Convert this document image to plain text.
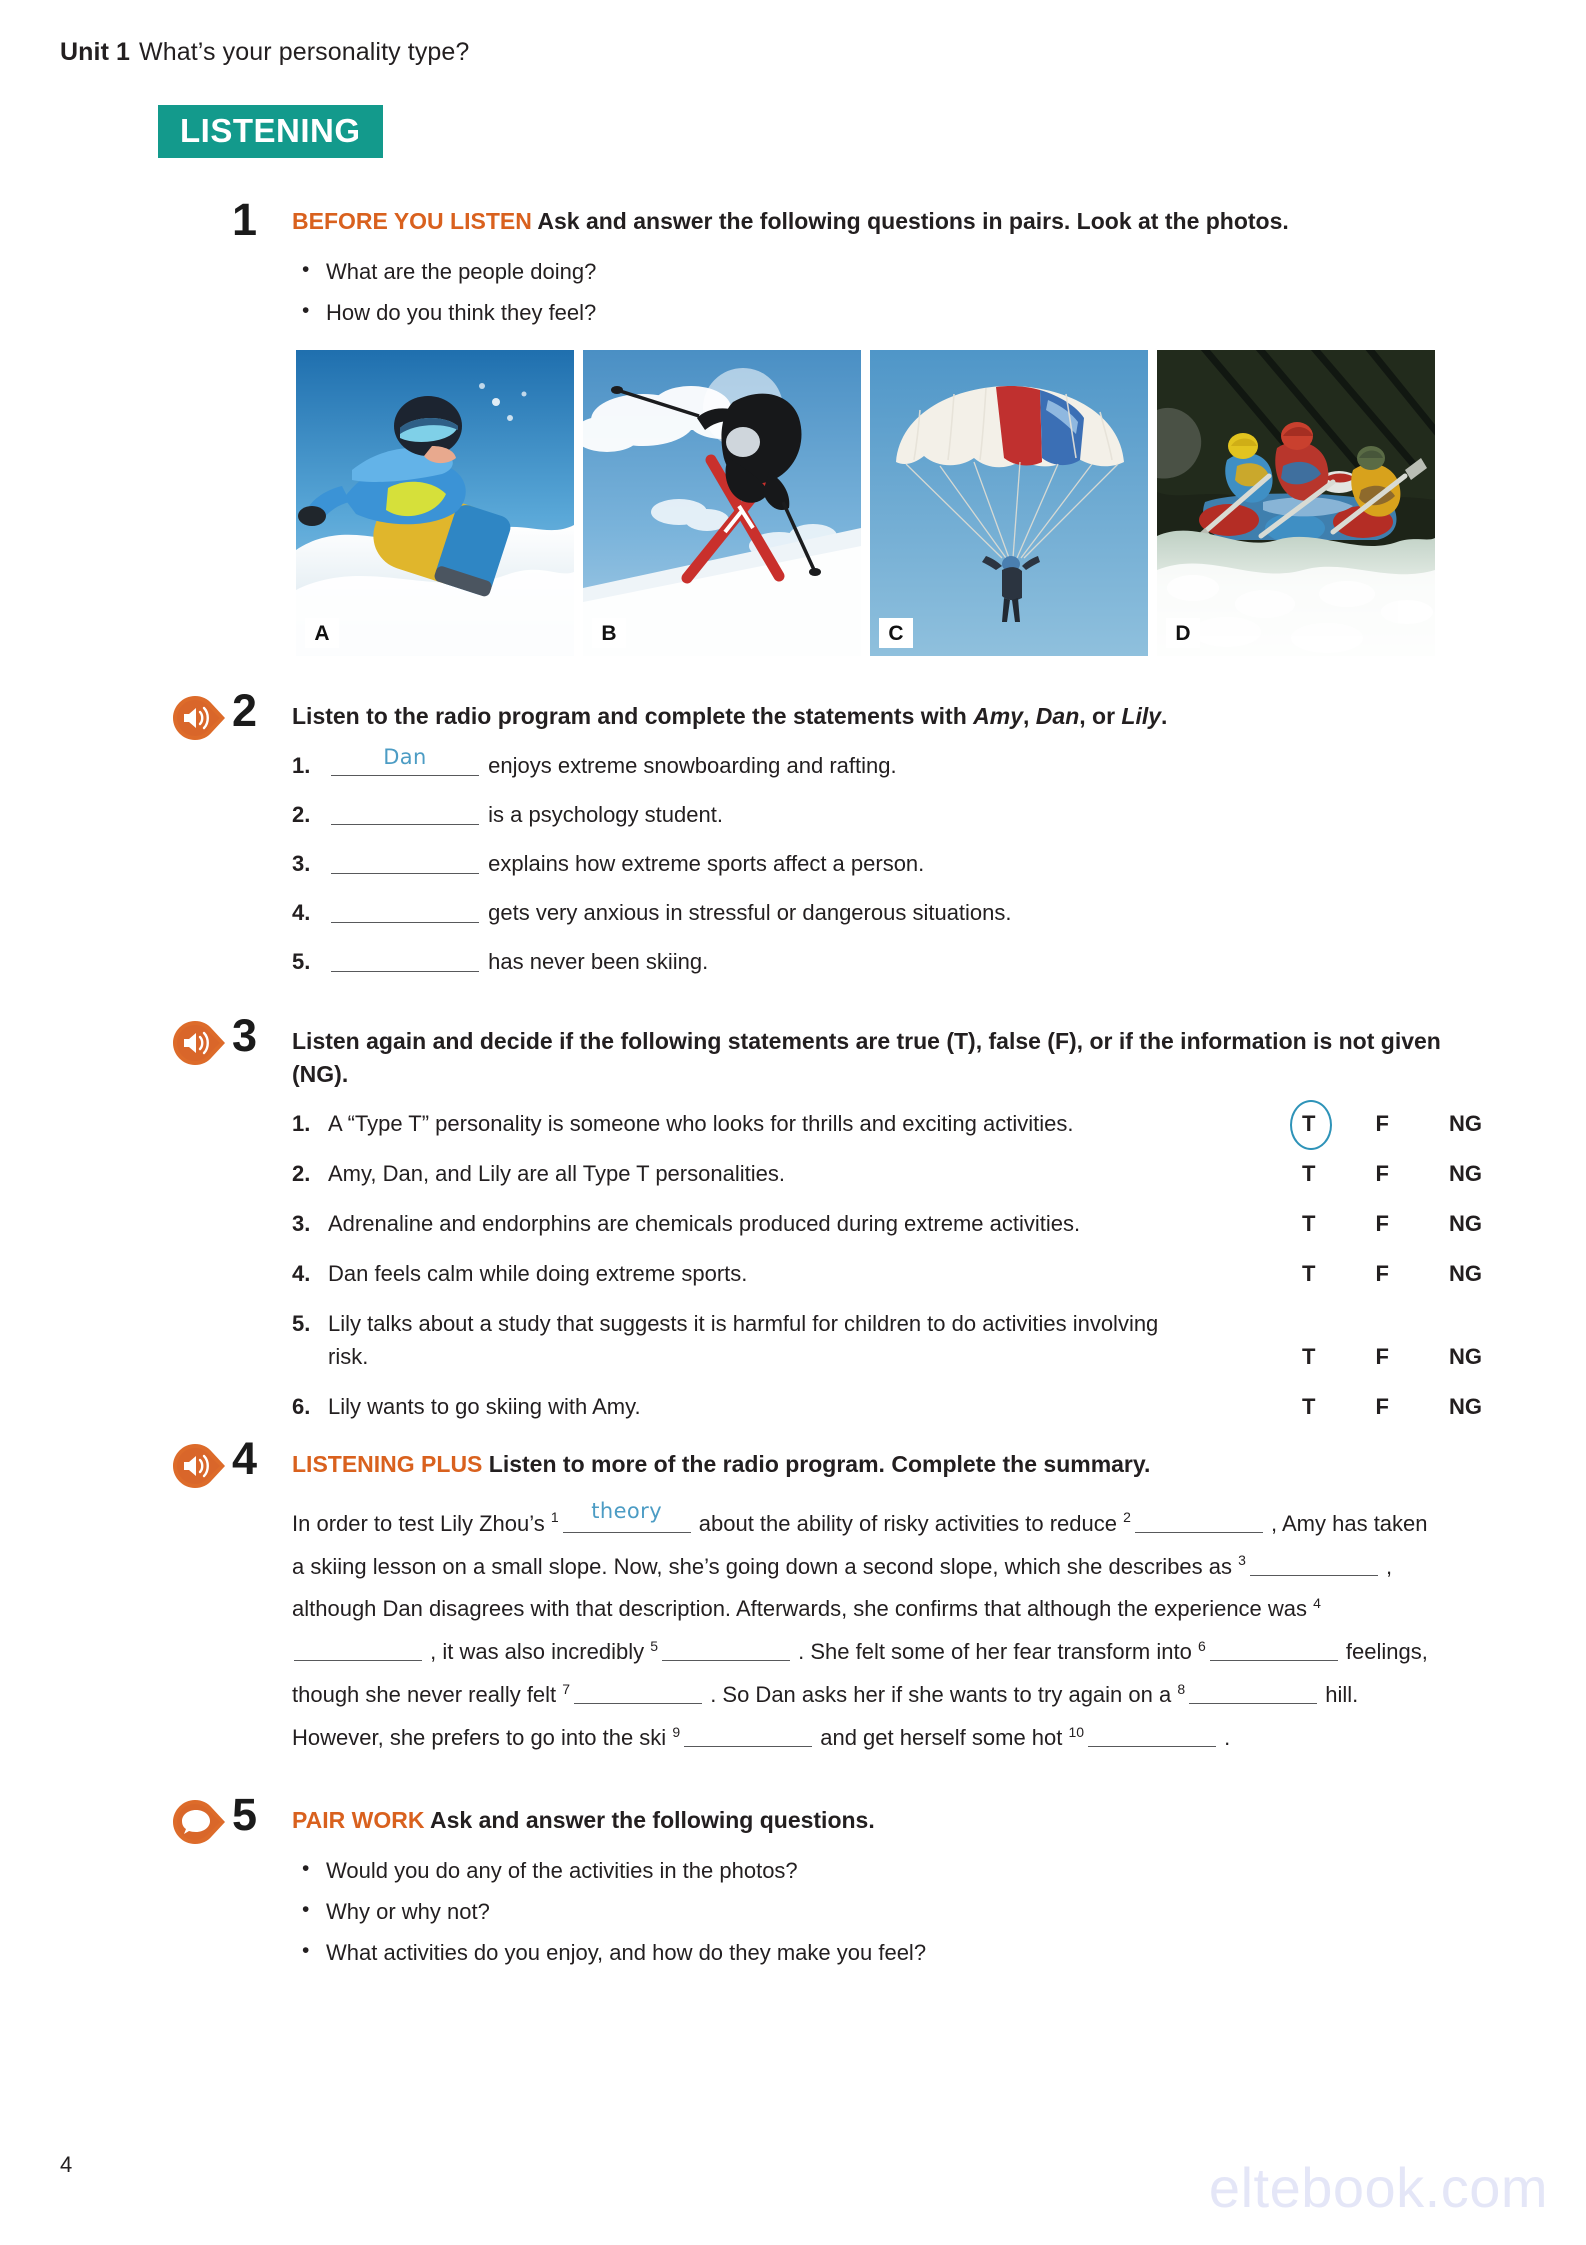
Unit 1 What’s your personality type?
LISTENING
1 BEFORE YOU LISTEN Ask and answer the following questions in pairs. Look at the photos.
• What are the people doing?
• How do you think they feel?
A	B	C	D
2 Listen to the radio program and complete the statements with Amy, Dan, or Lily.
1.	Dan	enjoys extreme snowboarding and rafting.
2.	is a psychology student.
3.	explains how extreme sports affect a person.
4.	gets very anxious in stressful or dangerous situations.
5.	has never been skiing.
3 Listen again and decide if the following statements are true (T), false (F), or if the information is not given (NG).
1. A “Type T” personality is someone who looks for thrills and exciting activities.	T	F	NG
2. Amy, Dan, and Lily are all Type T personalities.	T	F	NG
3. Adrenaline and endorphins are chemicals produced during extreme activities.	T	F	NG
4. Dan feels calm while doing extreme sports.	T	F	NG
5. Lily talks about a study that suggests it is harmful for children to do activities involving risk.	T	F	NG
6. Lily wants to go skiing with Amy.	T	F	NG
4 LISTENING PLUS Listen to more of the radio program. Complete the summary.
In order to test Lily Zhou’s $^1$	theory	about the ability of risky activities to reduce $^2$	, Amy has taken a skiing lesson on a small slope. Now, she’s going down a second slope, which she describes as $^3$	, although Dan disagrees with that description. Afterwards, she confirms that although the experience was $^4$
, it was also incredibly $^5$	. She felt some of her fear transform into $^6$	feelings, though she never really felt $^7$	. So Dan asks her if she wants to try again on a $^8$	hill. However, she prefers to go into the ski $^9$	and get herself some hot $^{10}$	.
5 PAIR WORK Ask and answer the following questions.
• Would you do any of the activities in the photos?
• Why or why not?
• What activities do you enjoy, and how do they make you feel?
4	eltebook.com
